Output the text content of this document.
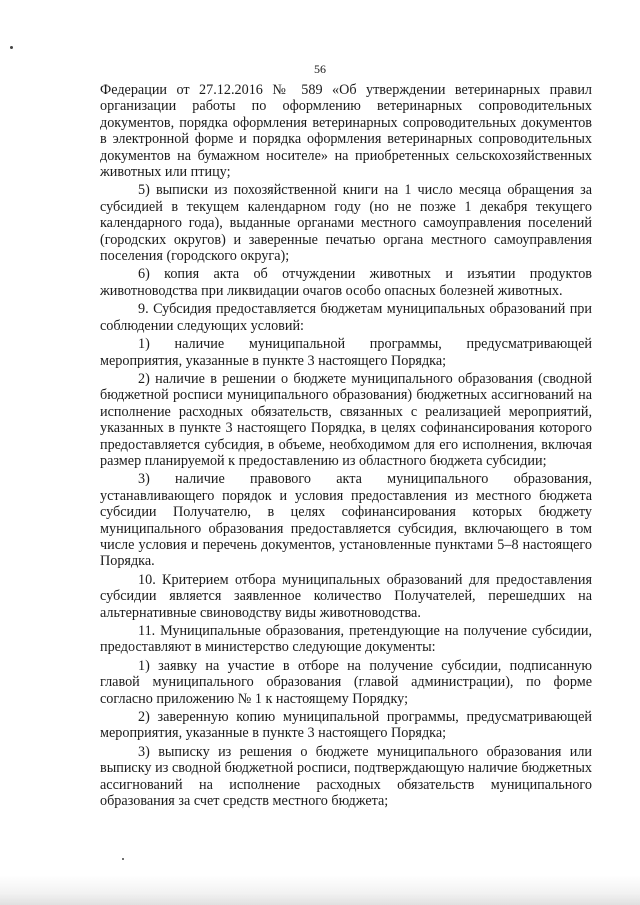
56

Федерации от 27.12.2016 № 589 «Об утверждении ветеринарных правил организации работы по оформлению ветеринарных сопроводительных документов, порядка оформления ветеринарных сопроводительных документов в электронной форме и порядка оформления ветеринарных сопроводительных документов на бумажном носителе» на приобретенных сельскохозяйственных животных или птицу;

5) выписки из похозяйственной книги на 1 число месяца обращения за субсидией в текущем календарном году (но не позже 1 декабря текущего календарного года), выданные органами местного самоуправления поселений (городских округов) и заверенные печатью органа местного самоуправления поселения (городского округа);

6) копия акта об отчуждении животных и изъятии продуктов животноводства при ликвидации очагов особо опасных болезней животных.

9. Субсидия предоставляется бюджетам муниципальных образований при соблюдении следующих условий:

1) наличие муниципальной программы, предусматривающей мероприятия, указанные в пункте 3 настоящего Порядка;

2) наличие в решении о бюджете муниципального образования (сводной бюджетной росписи муниципального образования) бюджетных ассигнований на исполнение расходных обязательств, связанных с реализацией мероприятий, указанных в пункте 3 настоящего Порядка, в целях софинансирования которого предоставляется субсидия, в объеме, необходимом для его исполнения, включая размер планируемой к предоставлению из областного бюджета субсидии;

3) наличие правового акта муниципального образования, устанавливающего порядок и условия предоставления из местного бюджета субсидии Получателю, в целях софинансирования которых бюджету муниципального образования предоставляется субсидия, включающего в том числе условия и перечень документов, установленные пунктами 5–8 настоящего Порядка.

10. Критерием отбора муниципальных образований для предоставления субсидии является заявленное количество Получателей, перешедших на альтернативные свиноводству виды животноводства.

11. Муниципальные образования, претендующие на получение субсидии, предоставляют в министерство следующие документы:

1) заявку на участие в отборе на получение субсидии, подписанную главой муниципального образования (главой администрации), по форме согласно приложению № 1 к настоящему Порядку;

2) заверенную копию муниципальной программы, предусматривающей мероприятия, указанные в пункте 3 настоящего Порядка;

3) выписку из решения о бюджете муниципального образования или выписку из сводной бюджетной росписи, подтверждающую наличие бюджетных ассигнований на исполнение расходных обязательств муниципального образования за счет средств местного бюджета;
